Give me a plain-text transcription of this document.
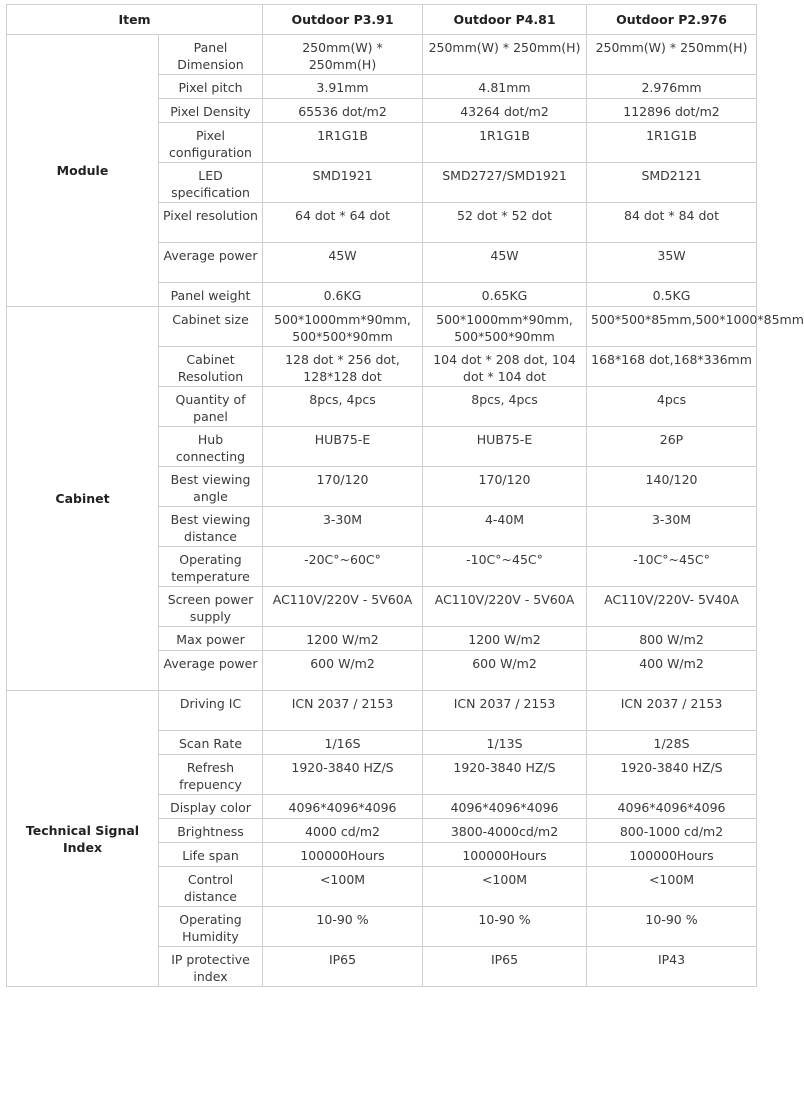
Item		Outdoor P3.91	Outdoor P4.81	Outdoor P2.976
Module	Panel Dimension	250mm(W) * 250mm(H)	250mm(W) * 250mm(H)	250mm(W) * 250mm(H)
	Pixel pitch	3.91mm	4.81mm	2.976mm
	Pixel Density	65536 dot/m2	43264 dot/m2	112896 dot/m2
	Pixel configuration	1R1G1B	1R1G1B	1R1G1B
	LED specification	SMD1921	SMD2727/SMD1921	SMD2121
	Pixel resolution	64 dot * 64 dot	52 dot * 52 dot	84 dot * 84 dot
	Average power	45W	45W	35W
	Panel weight	0.6KG	0.65KG	0.5KG
Cabinet	Cabinet size	500*1000mm*90mm, 500*500*90mm	500*1000mm*90mm, 500*500*90mm	500*500*85mm,500*1000*85mm
	Cabinet Resolution	128 dot * 256 dot, 128*128 dot	104 dot * 208 dot, 104 dot * 104 dot	168*168 dot,168*336mm
	Quantity of panel	8pcs, 4pcs	8pcs, 4pcs	4pcs
	Hub connecting	HUB75-E	HUB75-E	26P
	Best viewing angle	170/120	170/120	140/120
	Best viewing distance	3-30M	4-40M	3-30M
	Operating temperature	-20C°~60C°	-10C°~45C°	-10C°~45C°
	Screen power supply	AC110V/220V - 5V60A	AC110V/220V - 5V60A	AC110V/220V- 5V40A
	Max power	1200 W/m2	1200 W/m2	800 W/m2
	Average power	600 W/m2	600 W/m2	400 W/m2
Technical Signal Index	Driving IC	ICN 2037 / 2153	ICN 2037 / 2153	ICN 2037 / 2153
	Scan Rate	1/16S	1/13S	1/28S
	Refresh frepuency	1920-3840 HZ/S	1920-3840 HZ/S	1920-3840 HZ/S
	Display color	4096*4096*4096	4096*4096*4096	4096*4096*4096
	Brightness	4000 cd/m2	3800-4000cd/m2	800-1000 cd/m2
	Life span	100000Hours	100000Hours	100000Hours
	Control distance	<100M	<100M	<100M
	Operating Humidity	10-90 %	10-90 %	10-90 %
	IP protective index	IP65	IP65	IP43
